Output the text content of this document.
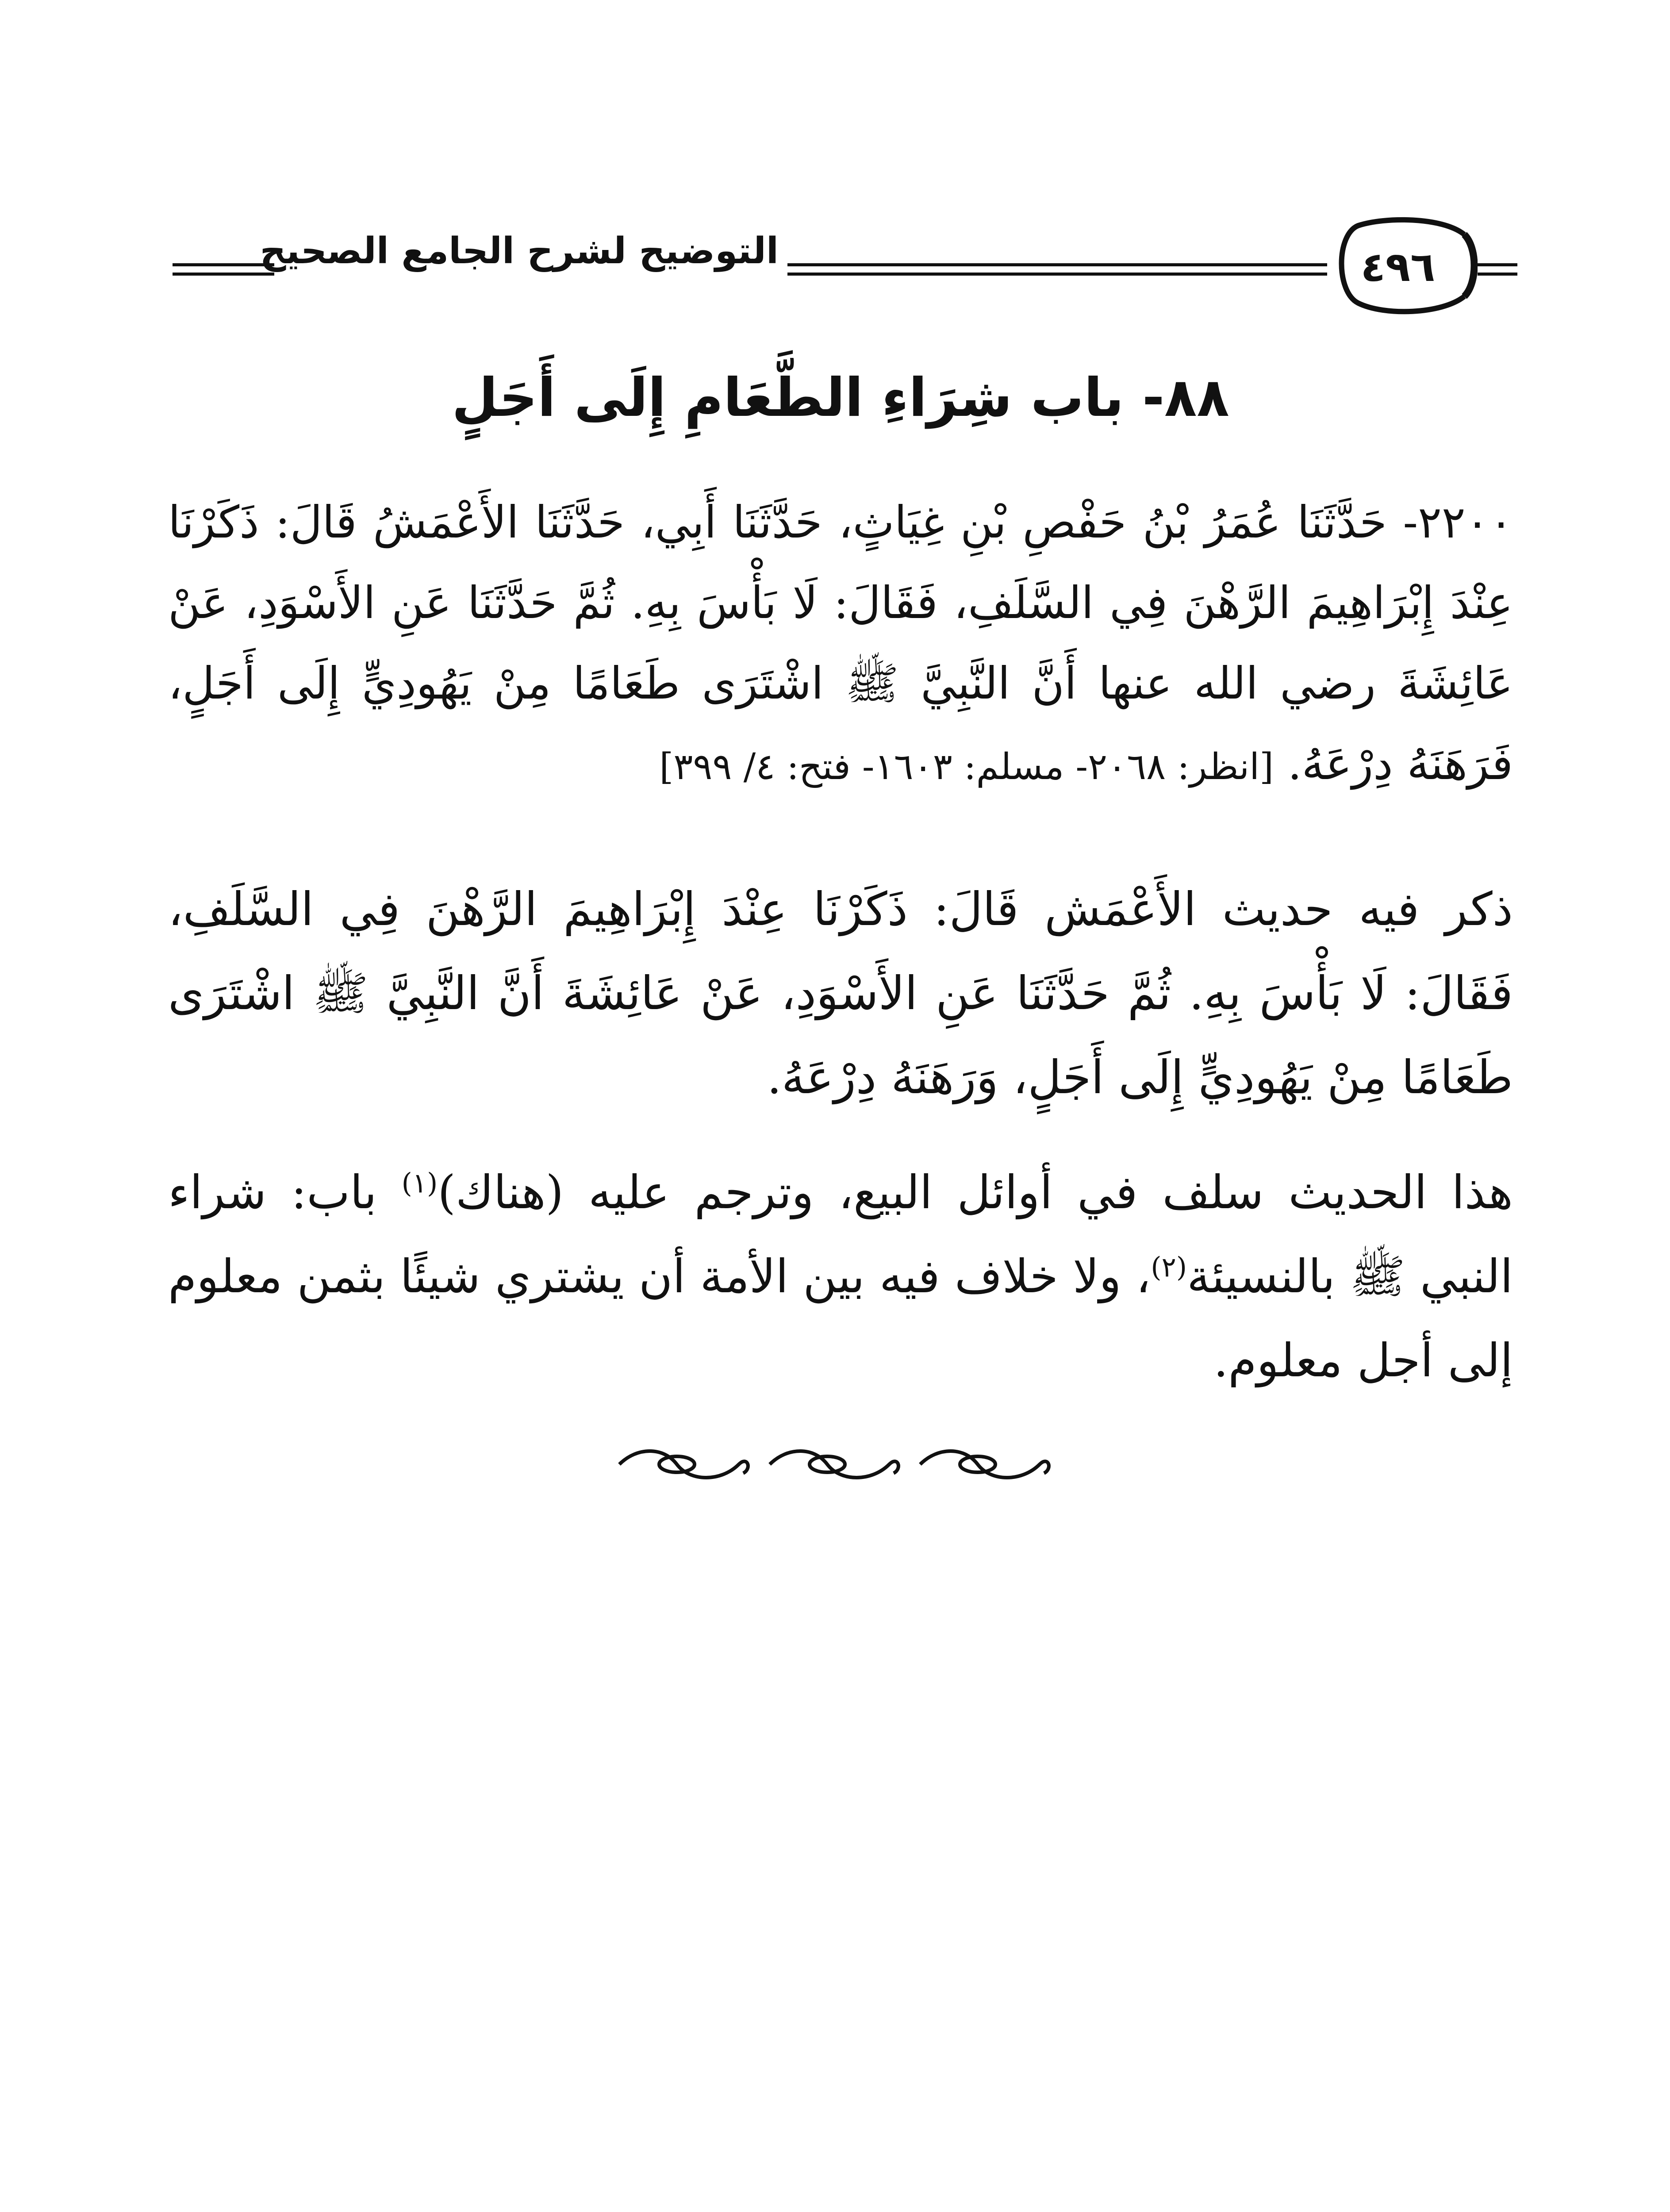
التوضيح لشرح الجامع الصحيح	٤٩٦
٨٨- باب شِرَاءِ الطَّعَامِ إِلَى أَجَلٍ
٢٢٠٠- حَدَّثَنَا عُمَرُ بْنُ حَفْصِ بْنِ غِيَاثٍ، حَدَّثَنَا أَبِي، حَدَّثَنَا الأَعْمَشُ قَالَ: ذَكَرْنَا عِنْدَ إِبْرَاهِيمَ الرَّهْنَ فِي السَّلَفِ، فَقَالَ: لَا بَأْسَ بِهِ. ثُمَّ حَدَّثَنَا عَنِ الأَسْوَدِ، عَنْ عَائِشَةَ رضي الله عنها أَنَّ النَّبِيَّ ﷺ اشْتَرَى طَعَامًا مِنْ يَهُودِيٍّ إِلَى أَجَلٍ، فَرَهَنَهُ دِرْعَهُ. [انظر: ٢٠٦٨- مسلم: ١٦٠٣- فتح: ٤/ ٣٩٩]
ذكر فيه حديث الأَعْمَش قَالَ: ذَكَرْنَا عِنْدَ إِبْرَاهِيمَ الرَّهْنَ فِي السَّلَفِ، فَقَالَ: لَا بَأْسَ بِهِ. ثُمَّ حَدَّثَنَا عَنِ الأَسْوَدِ، عَنْ عَائِشَةَ أَنَّ النَّبِيَّ ﷺ اشْتَرَى طَعَامًا مِنْ يَهُودِيٍّ إِلَى أَجَلٍ، وَرَهَنَهُ دِرْعَهُ.
هذا الحديث سلف في أوائل البيع، وترجم عليه (هناك)$^{(١)}$ باب: شراء النبي ﷺ بالنسيئة$^{(٢)}$، ولا خلاف فيه بين الأمة أن يشتري شيئًا بثمن معلوم إلى أجل معلوم.
